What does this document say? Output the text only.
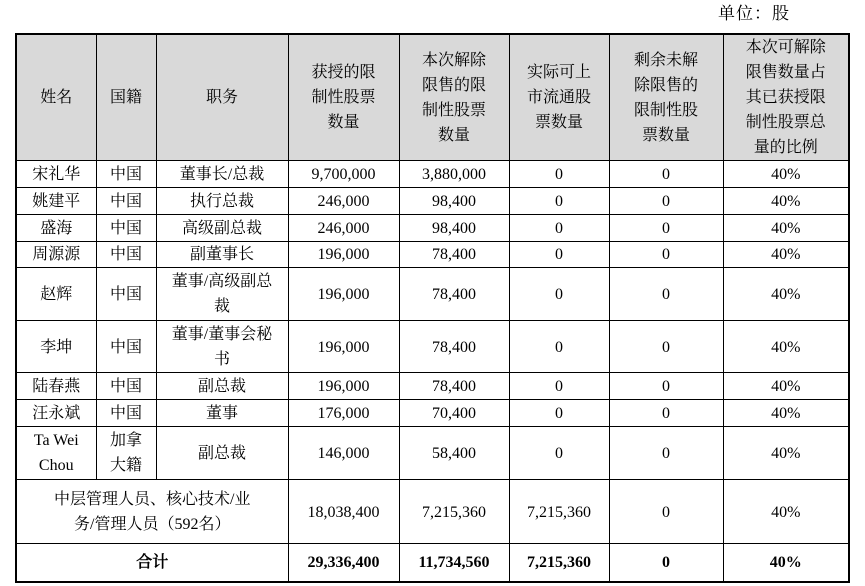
单位：股
姓名	国籍	职务	获授的限制性股票数量	本次解除限售的限制性股票数量	实际可上市流通股票数量	剩余未解除限售的限制性股票数量	本次可解除限售数量占其已获授限制性股票总量的比例
宋礼华	中国	董事长/总裁	9,700,000	3,880,000	0	0	40%
姚建平	中国	执行总裁	246,000	98,400	0	0	40%
盛海	中国	高级副总裁	246,000	98,400	0	0	40%
周源源	中国	副董事长	196,000	78,400	0	0	40%
赵辉	中国	董事/高级副总裁	196,000	78,400	0	0	40%
李坤	中国	董事/董事会秘书	196,000	78,400	0	0	40%
陆春燕	中国	副总裁	196,000	78,400	0	0	40%
汪永斌	中国	董事	176,000	70,400	0	0	40%
Ta Wei Chou	加拿大籍	副总裁	146,000	58,400	0	0	40%
中层管理人员、核心技术/业务/管理人员（592名）			18,038,400	7,215,360	7,215,360	0	40%
合计			29,336,400	11,734,560	7,215,360	0	40%
